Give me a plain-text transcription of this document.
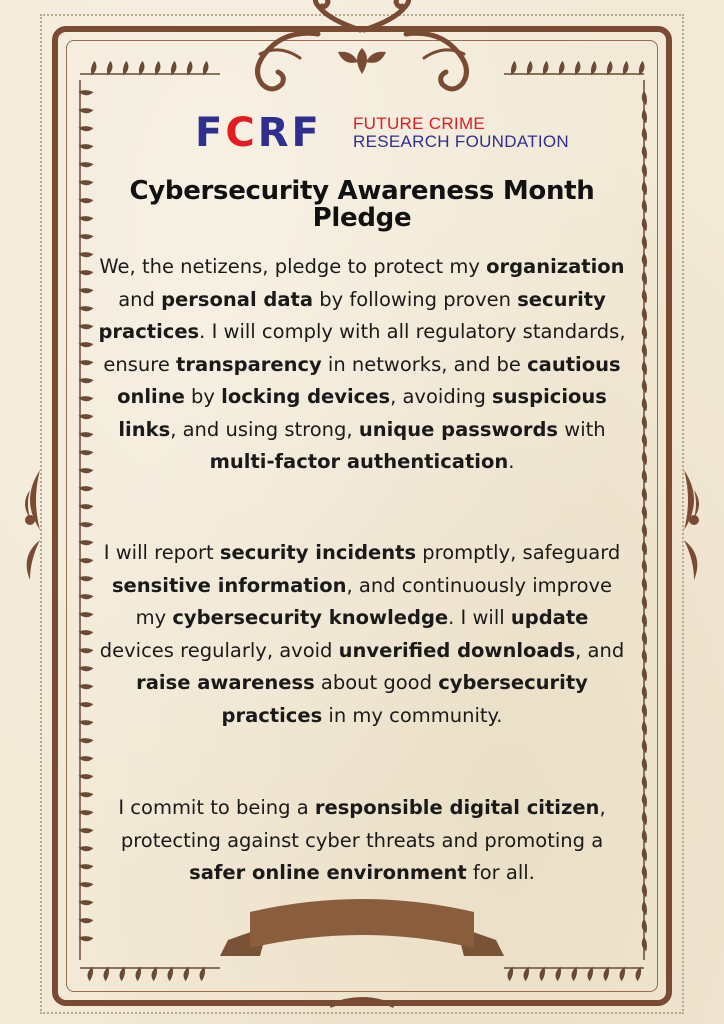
FCRF FUTURE CRIME
RESEARCH FOUNDATION
Cybersecurity Awareness Month Pledge

We, the netizens, pledge to protect my organization and personal data by following proven security practices. I will comply with all regulatory standards, ensure transparency in networks, and be cautious online by locking devices, avoiding suspicious links, and using strong, unique passwords with multi-factor authentication.

I will report security incidents promptly, safeguard sensitive information, and continuously improve my cybersecurity knowledge. I will update devices regularly, avoid unverified downloads, and raise awareness about good cybersecurity practices in my community.

I commit to being a responsible digital citizen, protecting against cyber threats and promoting a safer online environment for all.
